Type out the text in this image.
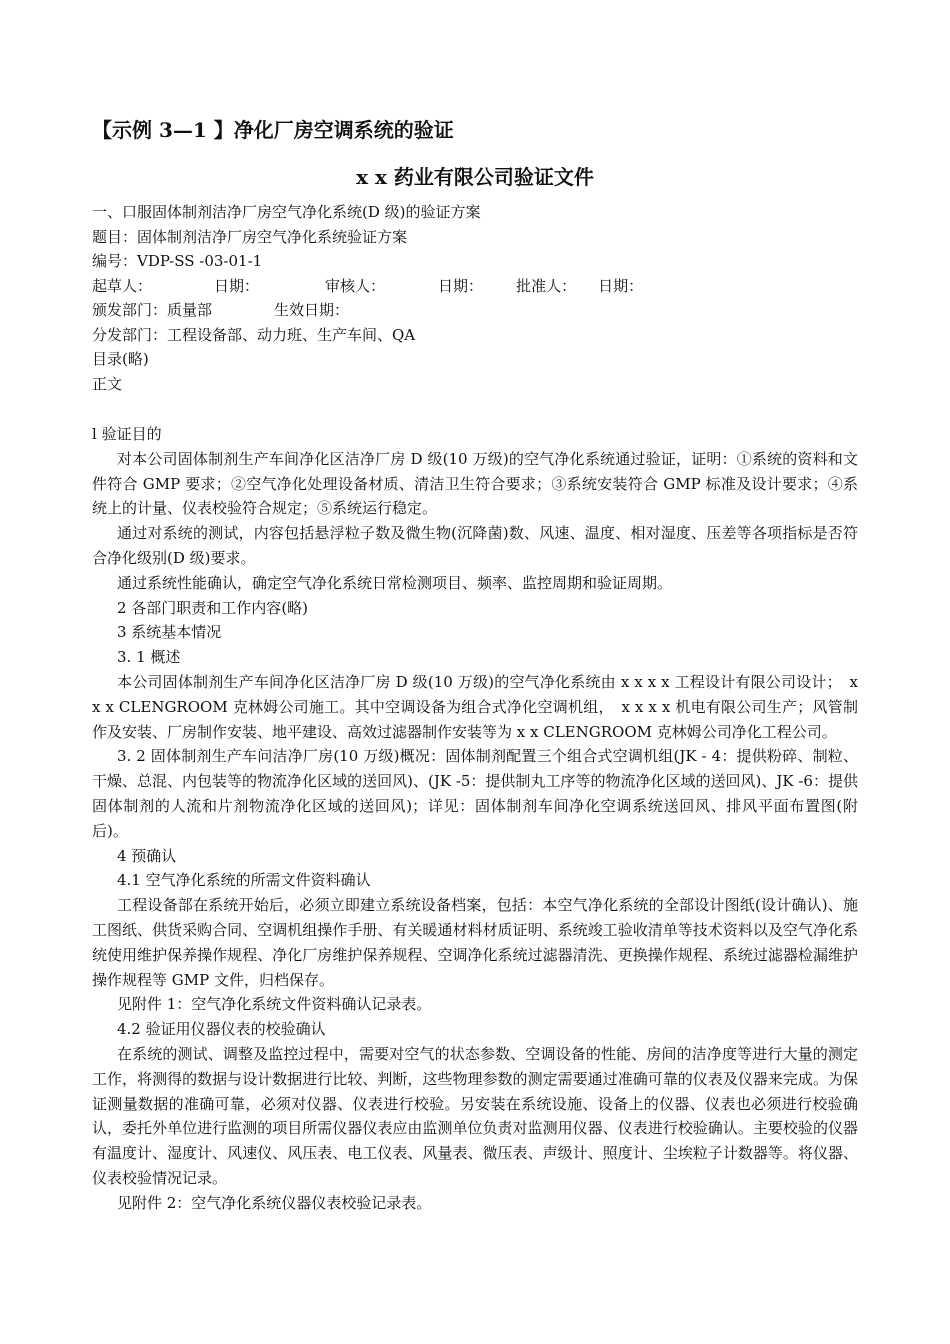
【示例 3—1 】净化厂房空调系统的验证
x x 药业有限公司验证文件
一、口服固体制剂洁净厂房空气净化系统(D 级)的验证方案
题目：固体制剂洁净厂房空气净化系统验证方案
编号：VDP-SS -03-01-1
起草人：	日期：	审核人：	日期： 批准人： 日期：
颁发部门：质量部	生效日期：
分发部门：工程设备部、动力班、生产车间、QA
目录(略)
正文

l 验证目的

对本公司固体制剂生产车间净化区洁净厂房 D 级(10 万级)的空气净化系统通过验证，证明：①系统的资料和文件符合 GMP 要求；②空气净化处理设备材质、清洁卫生符合要求；③系统安装符合 GMP 标准及设计要求；④系统上的计量、仪表校验符合规定；⑤系统运行稳定。

通过对系统的测试，内容包括悬浮粒子数及微生物(沉降菌)数、风速、温度、相对湿度、压差等各项指标是否符合净化级别(D 级)要求。

通过系统性能确认，确定空气净化系统日常检测项目、频率、监控周期和验证周期。

2 各部门职责和工作内容(略)

3 系统基本情况

3. 1 概述

本公司固体制剂生产车间净化区洁净厂房 D 级(10 万级)的空气净化系统由 x x x x 工程设计有限公司设计；　x x x CLENGROOM 克林姆公司施工。其中空调设备为组合式净化空调机组，　x x x x 机电有限公司生产；风管制作及安装、厂房制作安装、地平建设、高效过滤器制作安装等为 x x CLENGROOM 克林姆公司净化工程公司。

3. 2 固体制剂生产车问洁净厂房(10 万级)概况：固体制剂配置三个组合式空调机组(JK - 4：提供粉碎、制粒、干燥、总混、内包装等的物流净化区域的送回风)、(JK -5：提供制丸工序等的物流净化区域的送回风)、JK -6：提供固体制剂的人流和片剂物流净化区域的送回风)；详见：固体制剂车间净化空调系统送回风、排风平面布置图(附后)。

4 预确认

4.1 空气净化系统的所需文件资料确认

工程设备部在系统开始后，必须立即建立系统设备档案，包括：本空气净化系统的全部设计图纸(设计确认)、施工图纸、供货采购合同、空调机组操作手册、有关暖通材料材质证明、系统竣工验收清单等技术资料以及空气净化系统使用维护保养操作规程、净化厂房维护保养规程、空调净化系统过滤器清洗、更换操作规程、系统过滤器检漏维护操作规程等 GMP 文件，归档保存。

见附件 1：空气净化系统文件资料确认记录表。

4.2 验证用仪器仪表的校验确认

在系统的测试、调整及监控过程中，需要对空气的状态参数、空调设备的性能、房间的洁净度等进行大量的测定工作，将测得的数据与设计数据进行比较、判断，这些物理参数的测定需要通过准确可靠的仪表及仪器来完成。为保证测量数据的准确可靠，必须对仪器、仪表进行校验。另安装在系统设施、设备上的仪器、仪表也必须进行校验确认，委托外单位进行监测的项目所需仪器仪表应由监测单位负责对监测用仪器、仪表进行校验确认。主要校验的仪器有温度计、湿度计、风速仪、风压表、电工仪表、风量表、微压表、声级计、照度计、尘埃粒子计数器等。将仪器、仪表校验情况记录。

见附件 2：空气净化系统仪器仪表校验记录表。
